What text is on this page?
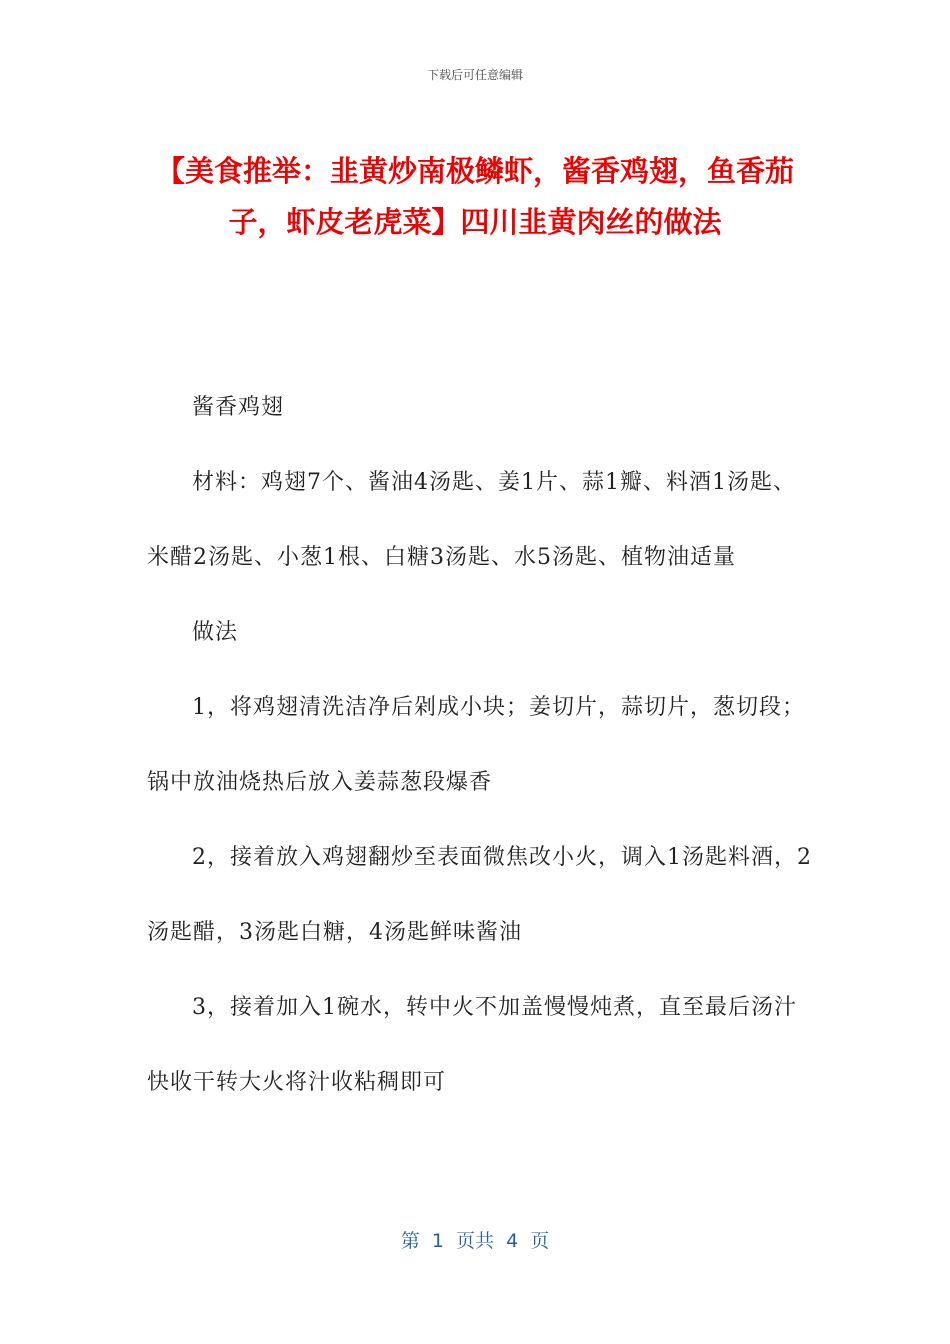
下载后可任意编辑
【美食推举：韭黄炒南极鳞虾，酱香鸡翅，鱼香茄子，虾皮老虎菜】四川韭黄肉丝的做法

酱香鸡翅

材料：鸡翅7个、酱油4汤匙、姜1片、蒜1瓣、料酒1汤匙、米醋2汤匙、小葱1根、白糖3汤匙、水5汤匙、植物油适量

做法

1，将鸡翅清洗洁净后剁成小块；姜切片，蒜切片，葱切段；锅中放油烧热后放入姜蒜葱段爆香

2，接着放入鸡翅翻炒至表面微焦改小火，调入1汤匙料酒，2汤匙醋，3汤匙白糖，4汤匙鲜味酱油

3，接着加入1碗水，转中火不加盖慢慢炖煮，直至最后汤汁快收干转大火将汁收粘稠即可

第  1  页共  4  页
